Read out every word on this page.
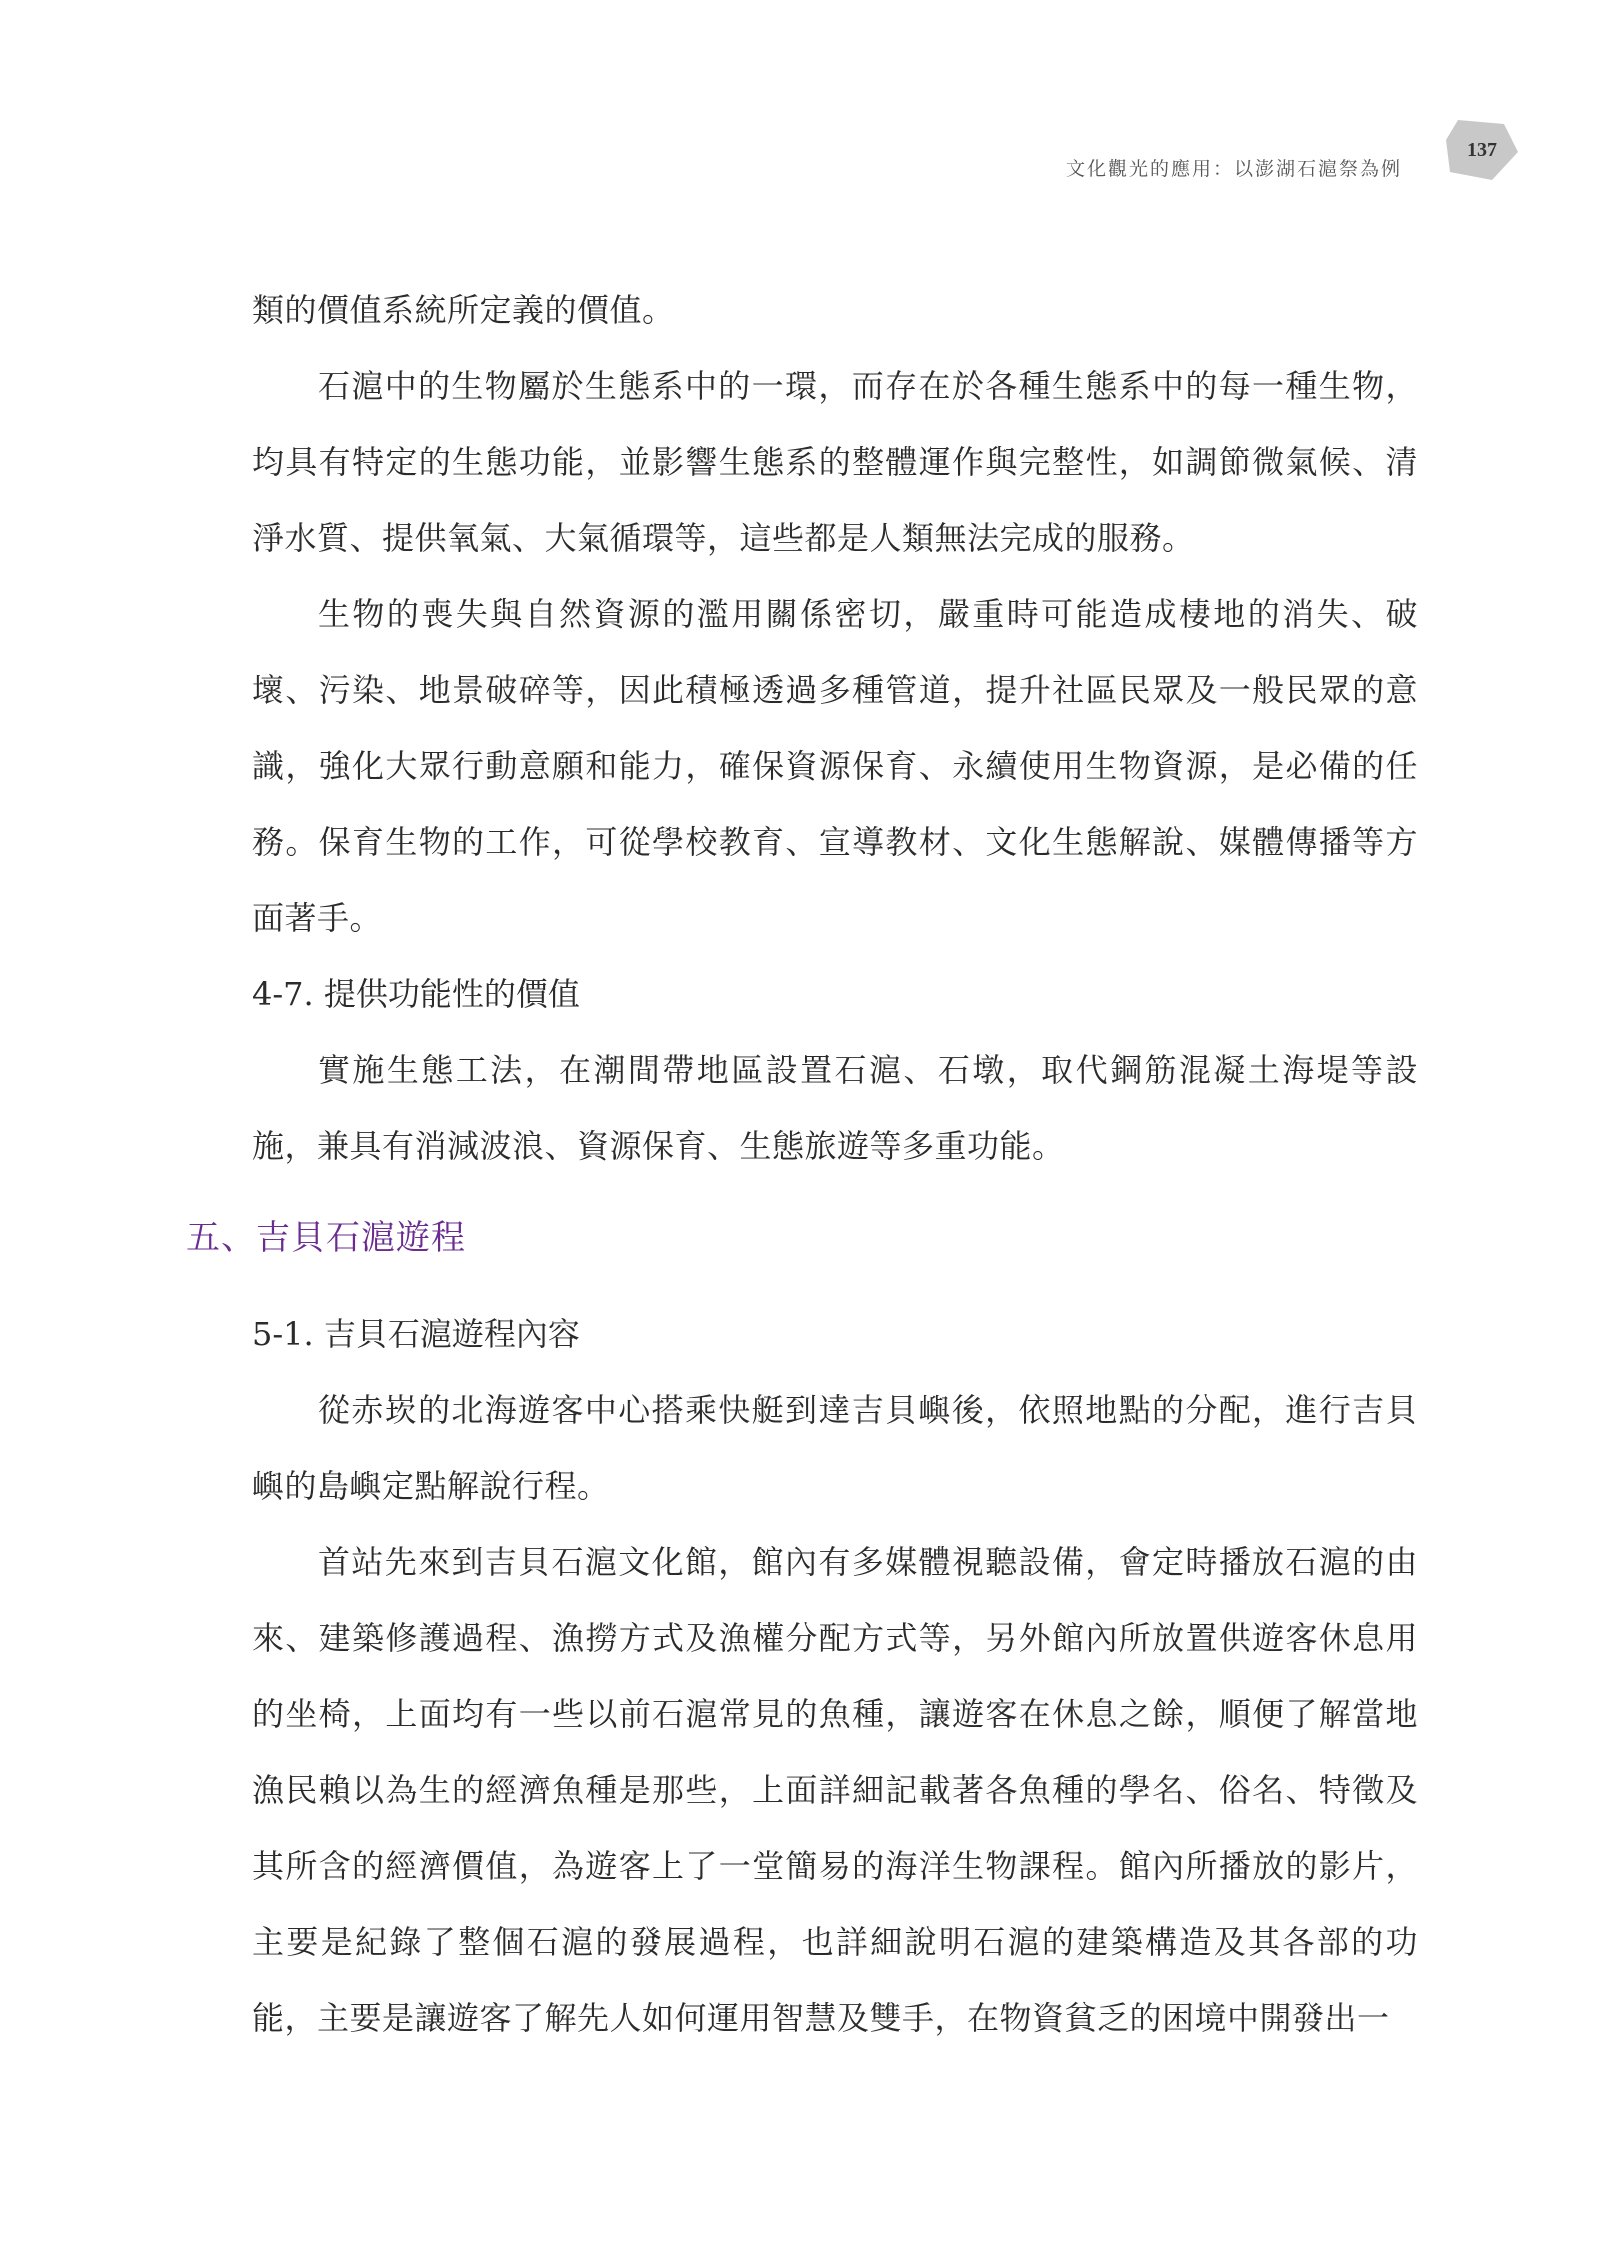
文化觀光的應用：以澎湖石滬祭為例
137

類的價值系統所定義的價值。

石滬中的生物屬於生態系中的一環，而存在於各種生態系中的每一種生物，均具有特定的生態功能，並影響生態系的整體運作與完整性，如調節微氣候、清淨水質、提供氧氣、大氣循環等，這些都是人類無法完成的服務。

生物的喪失與自然資源的濫用關係密切，嚴重時可能造成棲地的消失、破壞、污染、地景破碎等，因此積極透過多種管道，提升社區民眾及一般民眾的意識，強化大眾行動意願和能力，確保資源保育、永續使用生物資源，是必備的任務。保育生物的工作，可從學校教育、宣導教材、文化生態解說、媒體傳播等方面著手。

4-7. 提供功能性的價值

實施生態工法，在潮間帶地區設置石滬、石墩，取代鋼筋混凝土海堤等設施，兼具有消減波浪、資源保育、生態旅遊等多重功能。

五、吉貝石滬遊程

5-1. 吉貝石滬遊程內容

從赤崁的北海遊客中心搭乘快艇到達吉貝嶼後，依照地點的分配，進行吉貝嶼的島嶼定點解說行程。

首站先來到吉貝石滬文化館，館內有多媒體視聽設備，會定時播放石滬的由來、建築修護過程、漁撈方式及漁權分配方式等，另外館內所放置供遊客休息用的坐椅，上面均有一些以前石滬常見的魚種，讓遊客在休息之餘，順便了解當地漁民賴以為生的經濟魚種是那些，上面詳細記載著各魚種的學名、俗名、特徵及其所含的經濟價值，為遊客上了一堂簡易的海洋生物課程。館內所播放的影片，主要是紀錄了整個石滬的發展過程，也詳細說明石滬的建築構造及其各部的功能，主要是讓遊客了解先人如何運用智慧及雙手，在物資貧乏的困境中開發出一
